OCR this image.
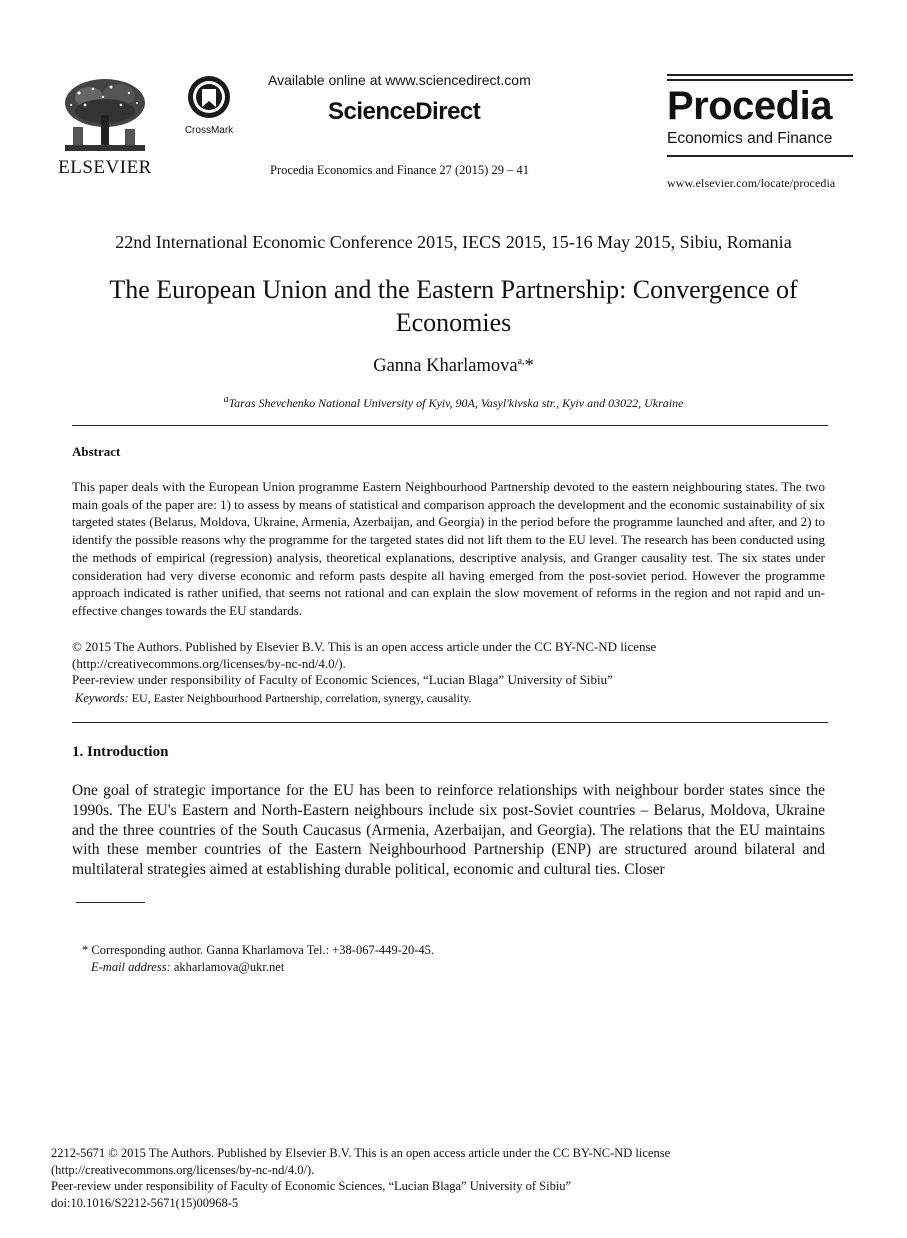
ELSEVIER
CrossMark
Available online at www.sciencedirect.com
ScienceDirect
Procedia Economics and Finance 27 (2015) 29 – 41
Procedia
Economics and Finance
www.elsevier.com/locate/procedia
22nd International Economic Conference 2015, IECS 2015, 15-16 May 2015, Sibiu, Romania
The European Union and the Eastern Partnership: Convergence of Economies
Ganna Kharlamova$^{a,}$*
$^a$Taras Shevchenko National University of Kyiv, 90A, Vasyl'kivska str., Kyiv and 03022, Ukraine
Abstract
This paper deals with the European Union programme Eastern Neighbourhood Partnership devoted to the eastern neighbouring states. The two main goals of the paper are: 1) to assess by means of statistical and comparison approach the development and the economic sustainability of six targeted states (Belarus, Moldova, Ukraine, Armenia, Azerbaijan, and Georgia) in the period before the programme launched and after, and 2) to identify the possible reasons why the programme for the targeted states did not lift them to the EU level. The research has been conducted using the methods of empirical (regression) analysis, theoretical explanations, descriptive analysis, and Granger causality test. The six states under consideration had very diverse economic and reform pasts despite all having emerged from the post-soviet period. However the programme approach indicated is rather unified, that seems not rational and can explain the slow movement of reforms in the region and not rapid and un-effective changes towards the EU standards.
© 2015 The Authors. Published by Elsevier B.V. This is an open access article under the CC BY-NC-ND license
(http://creativecommons.org/licenses/by-nc-nd/4.0/).
Peer-review under responsibility of Faculty of Economic Sciences, “Lucian Blaga” University of Sibiu”
Keywords: EU, Easter Neighbourhood Partnership, correlation, synergy, causality.
1. Introduction
One goal of strategic importance for the EU has been to reinforce relationships with neighbour border states since the 1990s. The EU's Eastern and North-Eastern neighbours include six post-Soviet countries – Belarus, Moldova, Ukraine and the three countries of the South Caucasus (Armenia, Azerbaijan, and Georgia). The relations that the EU maintains with these member countries of the Eastern Neighbourhood Partnership (ENP) are structured around bilateral and multilateral strategies aimed at establishing durable political, economic and cultural ties. Closer
* Corresponding author. Ganna Kharlamova Tel.: +38-067-449-20-45.
E-mail address: akharlamova@ukr.net
2212-5671 © 2015 The Authors. Published by Elsevier B.V. This is an open access article under the CC BY-NC-ND license
(http://creativecommons.org/licenses/by-nc-nd/4.0/).
Peer-review under responsibility of Faculty of Economic Sciences, “Lucian Blaga” University of Sibiu”
doi:10.1016/S2212-5671(15)00968-5
